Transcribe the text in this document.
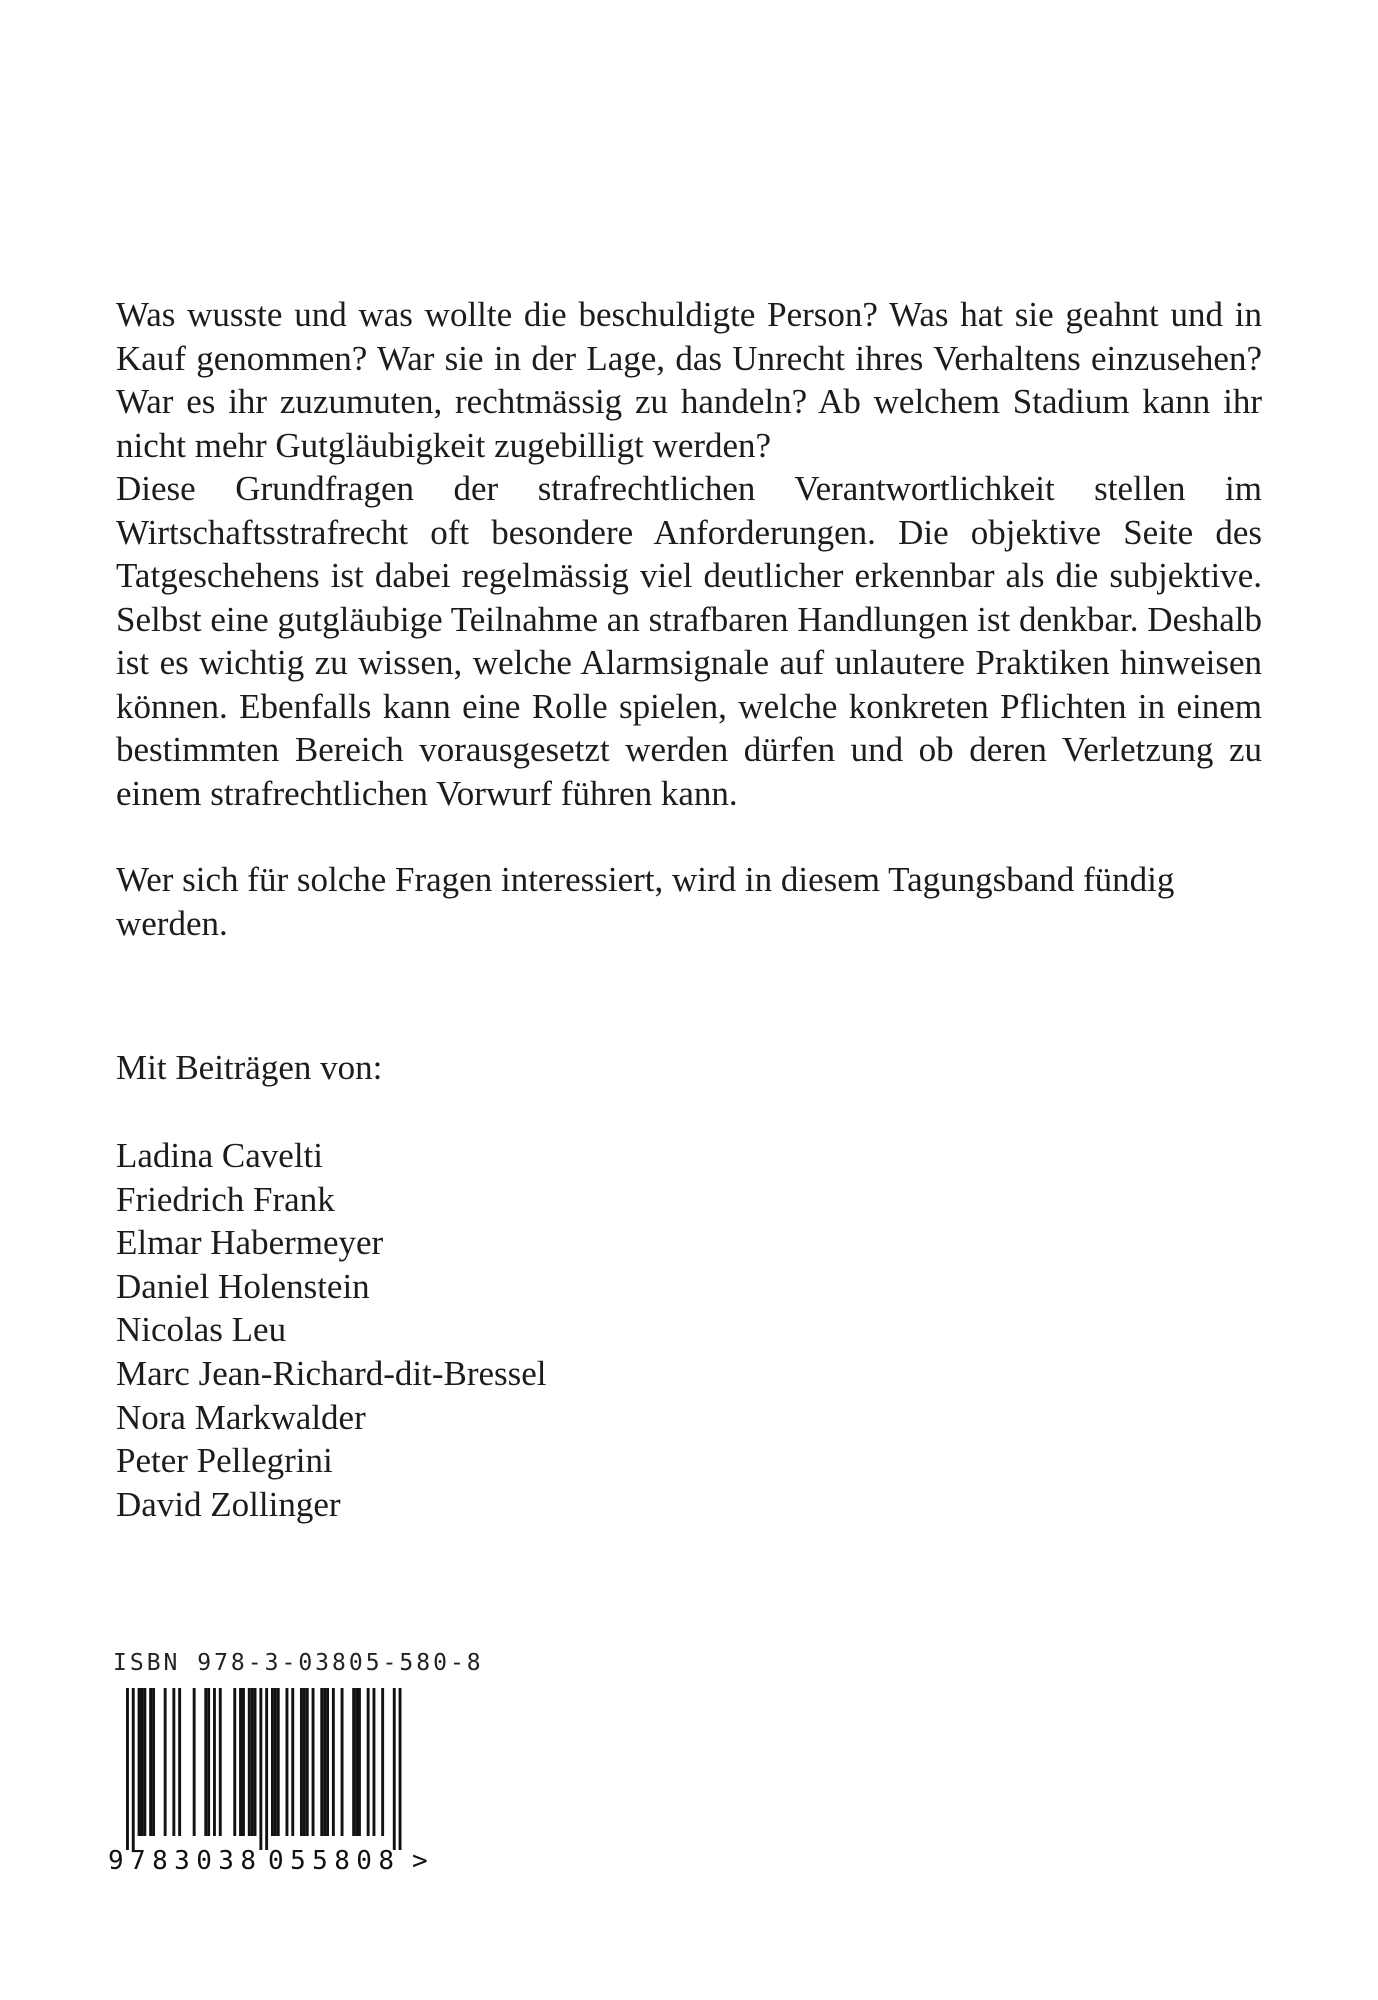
Was wusste und was wollte die beschuldigte Person? Was hat sie geahnt und in Kauf genommen? War sie in der Lage, das Unrecht ihres Verhaltens einzusehen? War es ihr zuzumuten, rechtmässig zu handeln? Ab welchem Stadium kann ihr nicht mehr Gutgläubigkeit zugebilligt werden?

Diese Grundfragen der strafrechtlichen Verantwortlichkeit stellen im Wirtschaftsstrafrecht oft besondere Anforderungen. Die objektive Seite des Tatgeschehens ist dabei regelmässig viel deutlicher erkennbar als die subjektive. Selbst eine gutgläubige Teilnahme an strafbaren Handlungen ist denkbar. Deshalb ist es wichtig zu wissen, welche Alarmsignale auf unlautere Praktiken hinweisen können. Ebenfalls kann eine Rolle spielen, welche konkreten Pflichten in einem bestimmten Bereich vorausgesetzt werden dürfen und ob deren Verletzung zu einem strafrechtlichen Vorwurf führen kann.

Wer sich für solche Fragen interessiert, wird in diesem Tagungsband fündig werden.

Mit Beiträgen von:
Ladina Cavelti
Friedrich Frank
Elmar Habermeyer
Daniel Holenstein
Nicolas Leu
Marc Jean-Richard-dit-Bressel
Nora Markwalder
Peter Pellegrini
David Zollinger
ISBN 978-3-03805-580-8
9 783038 055808 >
